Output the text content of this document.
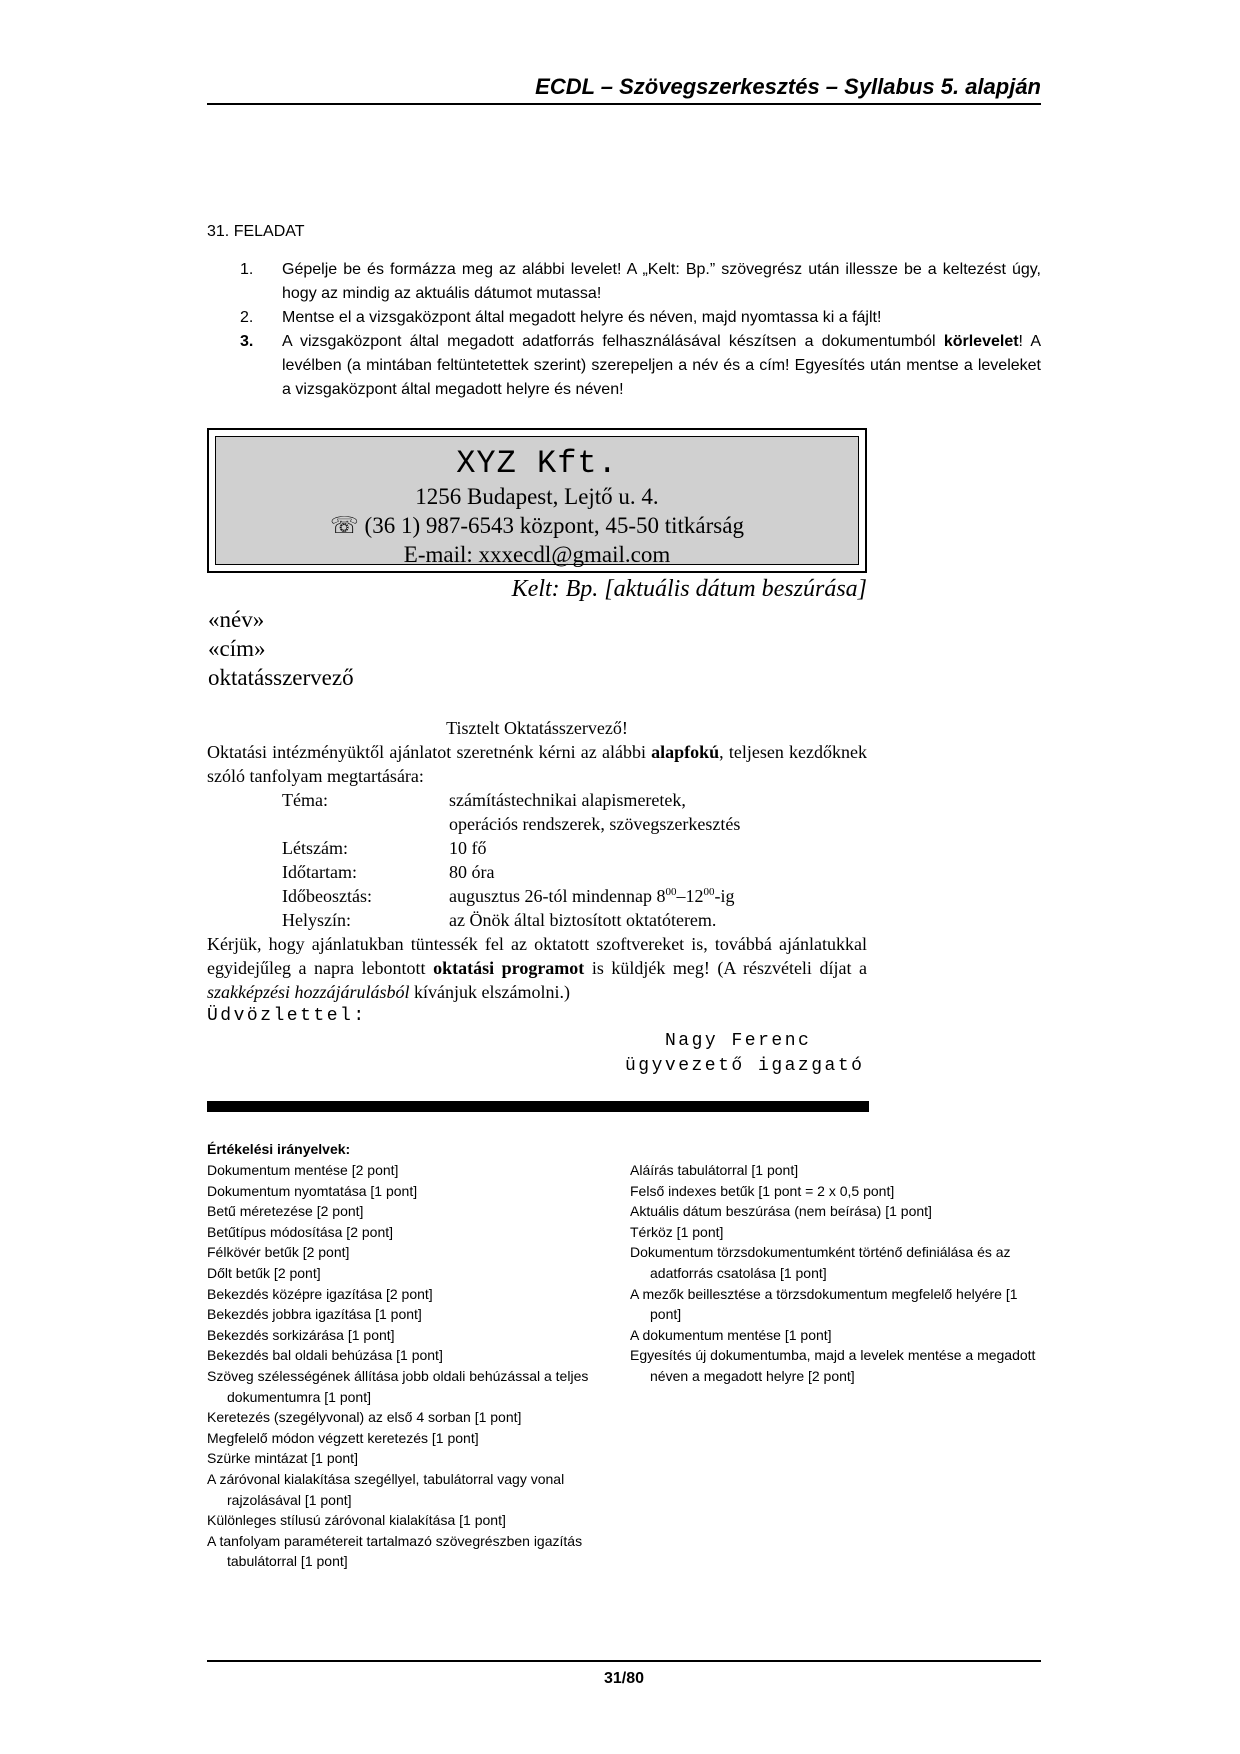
ECDL – Szövegszerkesztés – Syllabus 5. alapján
31. FELADAT
1.	Gépelje be és formázza meg az alábbi levelet! A „Kelt: Bp.” szövegrész után illessze be a keltezést úgy, hogy az mindig az aktuális dátumot mutassa!
2.	Mentse el a vizsgaközpont által megadott helyre és néven, majd nyomtassa ki a fájlt!
3.	A vizsgaközpont által megadott adatforrás felhasználásával készítsen a dokumentumból körlevelet! A levélben (a mintában feltüntetettek szerint) szerepeljen a név és a cím! Egyesítés után mentse a leveleket a vizsgaközpont által megadott helyre és néven!
XYZ Kft.
1256 Budapest, Lejtő u. 4.
☏ (36 1) 987-6543 központ, 45-50 titkárság
E-mail: xxxecdl@gmail.com
Kelt: Bp. [aktuális dátum beszúrása]
«név»
«cím»
oktatásszervező
Tisztelt Oktatásszervező!
Oktatási intézményüktől ajánlatot szeretnénk kérni az alábbi alapfokú, teljesen kezdőknek szóló tanfolyam megtartására:
Téma:	számítástechnikai alapismeretek,
operációs rendszerek, szövegszerkesztés
Létszám:	10 fő
Időtartam:	80 óra
Időbeosztás:	augusztus 26-tól mindennap $8^{00}-12^{00}-ig$
Helyszín:	az Önök által biztosított oktatóterem.
Kérjük, hogy ajánlatukban tüntessék fel az oktatott szoftvereket is, továbbá ajánlatukkal egyidejűleg a napra lebontott oktatási programot is küldjék meg! (A részvételi díjat a szakképzési hozzájárulásból kívánjuk elszámolni.)
Üdvözlettel:
Nagy Ferenc
ügyvezető igazgató
Értékelési irányelvek:
Dokumentum mentése [2 pont]
Dokumentum nyomtatása [1 pont]
Betű méretezése [2 pont]
Betűtípus módosítása [2 pont]
Félkövér betűk [2 pont]
Dőlt betűk [2 pont]
Bekezdés középre igazítása [2 pont]
Bekezdés jobbra igazítása [1 pont]
Bekezdés sorkizárása [1 pont]
Bekezdés bal oldali behúzása [1 pont]
Szöveg szélességének állítása jobb oldali behúzással a teljes dokumentumra [1 pont]
Keretezés (szegélyvonal) az első 4 sorban [1 pont]
Megfelelő módon végzett keretezés [1 pont]
Szürke mintázat [1 pont]
A záróvonal kialakítása szegéllyel, tabulátorral vagy vonal rajzolásával [1 pont]
Különleges stílusú záróvonal kialakítása [1 pont]
A tanfolyam paramétereit tartalmazó szövegrészben igazítás tabulátorral [1 pont]
Aláírás tabulátorral [1 pont]
Felső indexes betűk [1 pont = 2 x 0,5 pont]
Aktuális dátum beszúrása (nem beírása) [1 pont]
Térköz [1 pont]
Dokumentum törzsdokumentumként történő definiálása és az adatforrás csatolása [1 pont]
A mezők beillesztése a törzsdokumentum megfelelő helyére [1 pont]
A dokumentum mentése [1 pont]
Egyesítés új dokumentumba, majd a levelek mentése a megadott néven a megadott helyre [2 pont]
31/80
